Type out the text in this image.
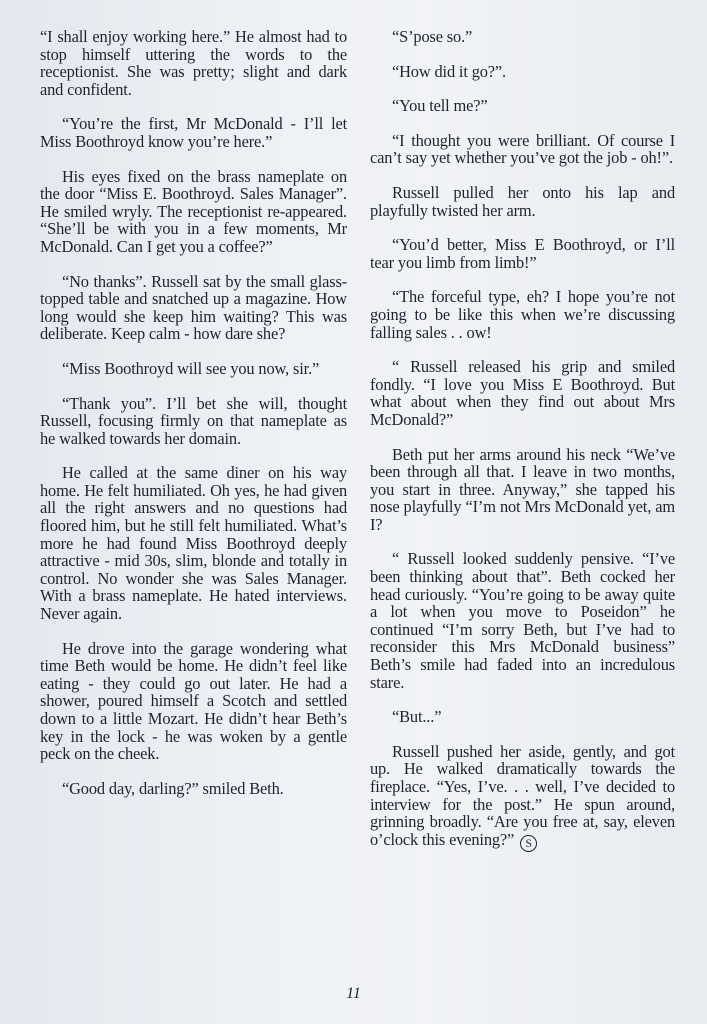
“I shall enjoy working here.” He almost had to stop himself uttering the words to the receptionist. She was pretty; slight and dark and confident.

“You’re the first, Mr McDonald - I’ll let Miss Boothroyd know you’re here.”

His eyes fixed on the brass nameplate on the door “Miss E. Boothroyd. Sales Manager”. He smiled wryly. The receptionist re-appeared. “She’ll be with you in a few moments, Mr McDonald. Can I get you a coffee?”

“No thanks”. Russell sat by the small glass-topped table and snatched up a magazine. How long would she keep him waiting? This was deliberate. Keep calm - how dare she?

“Miss Boothroyd will see you now, sir.”

“Thank you”. I’ll bet she will, thought Russell, focusing firmly on that nameplate as he walked towards her domain.

He called at the same diner on his way home. He felt humiliated. Oh yes, he had given all the right answers and no questions had floored him, but he still felt humiliated. What’s more he had found Miss Boothroyd deeply attractive - mid 30s, slim, blonde and totally in control. No wonder she was Sales Manager. With a brass nameplate. He hated interviews. Never again.

He drove into the garage wondering what time Beth would be home. He didn’t feel like eating - they could go out later. He had a shower, poured himself a Scotch and settled down to a little Mozart. He didn’t hear Beth’s key in the lock - he was woken by a gentle peck on the cheek.

“Good day, darling?” smiled Beth.

“S’pose so.”

“How did it go?”.

“You tell me?”

“I thought you were brilliant. Of course I can’t say yet whether you’ve got the job - oh!”.

Russell pulled her onto his lap and playfully twisted her arm.

“You’d better, Miss E Boothroyd, or I’ll tear you limb from limb!”

“The forceful type, eh? I hope you’re not going to be like this when we’re discussing falling sales . . ow!

“ Russell released his grip and smiled fondly. “I love you Miss E Boothroyd. But what about when they find out about Mrs McDonald?”

Beth put her arms around his neck “We’ve been through all that. I leave in two months, you start in three. Anyway,” she tapped his nose playfully “I’m not Mrs McDonald yet, am I?

“ Russell looked suddenly pensive. “I’ve been thinking about that”. Beth cocked her head curiously. “You’re going to be away quite a lot when you move to Poseidon” he continued “I’m sorry Beth, but I’ve had to reconsider this Mrs McDonald business” Beth’s smile had faded into an incredulous stare.

“But...”

Russell pushed her aside, gently, and got up. He walked dramatically towards the fireplace. “Yes, I’ve. . . well, I’ve decided to interview for the post.” He spun around, grinning broadly. “Are you free at, say, eleven o’clock this evening?” S

11
